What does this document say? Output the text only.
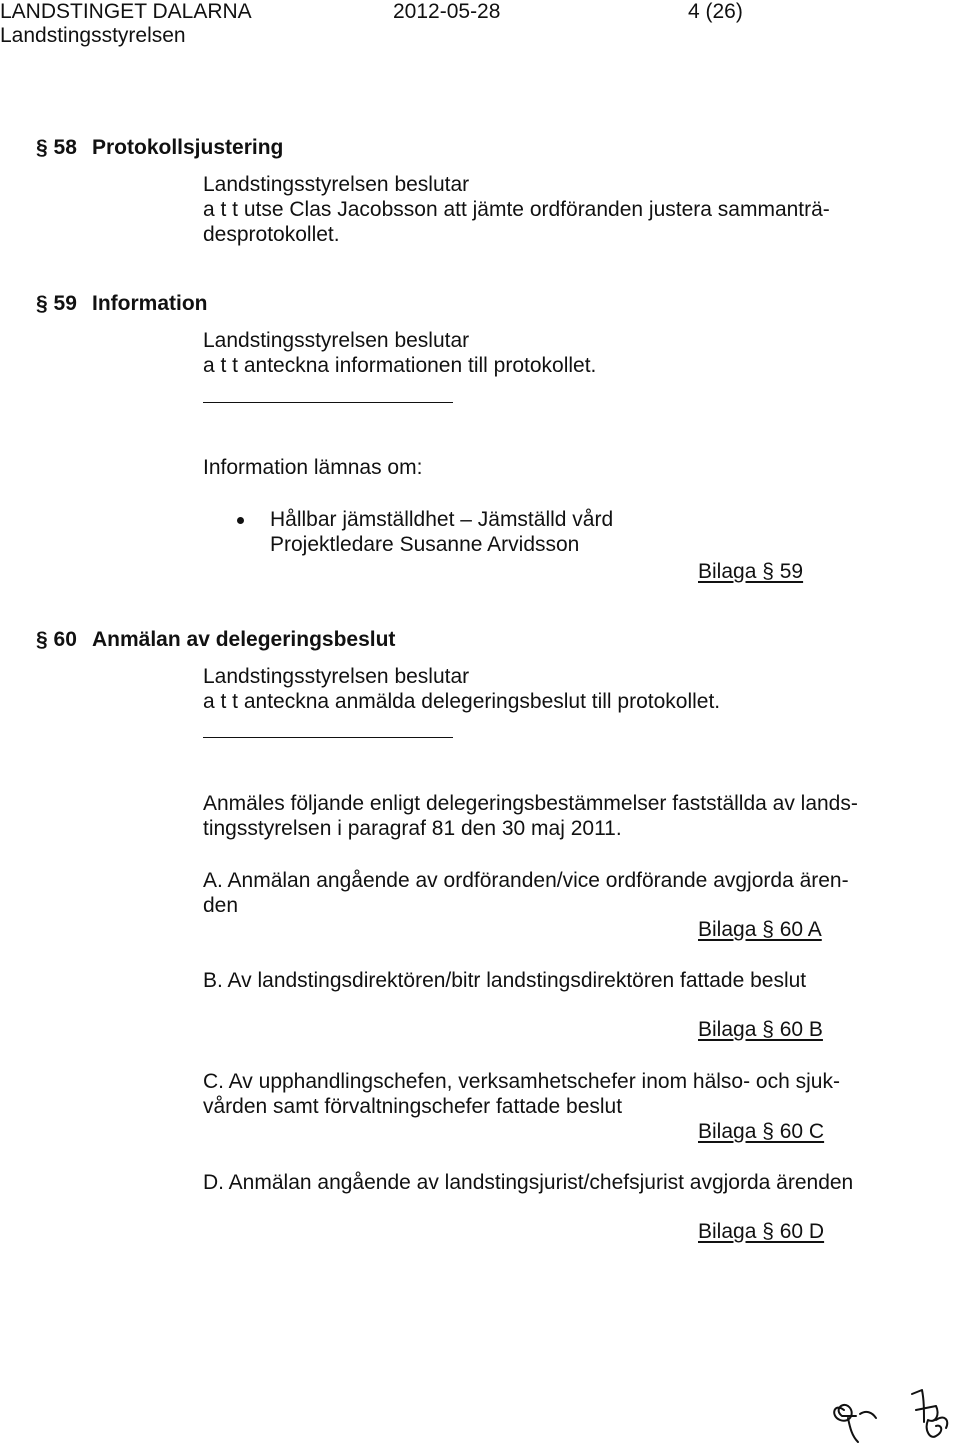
LANDSTINGET DALARNA	2012-05-28	4 (26)
Landstingsstyrelsen
§ 58 Protokollsjustering
Landstingsstyrelsen beslutar
a t t utse Clas Jacobsson att jämte ordföranden justera sammanträ-
desprotokollet.
§ 59 Information
Landstingsstyrelsen beslutar
a t t anteckna informationen till protokollet.
Information lämnas om:
Hållbar jämställdhet – Jämställd vård
Projektledare Susanne Arvidsson
Bilaga § 59
§ 60 Anmälan av delegeringsbeslut
Landstingsstyrelsen beslutar
a t t anteckna anmälda delegeringsbeslut till protokollet.
Anmäles följande enligt delegeringsbestämmelser fastställda av lands-
tingsstyrelsen i paragraf 81 den 30 maj 2011.
A. Anmälan angående av ordföranden/vice ordförande avgjorda ären-
den
Bilaga § 60 A
B. Av landstingsdirektören/bitr landstingsdirektören fattade beslut
Bilaga § 60 B
C. Av upphandlingschefen, verksamhetschefer inom hälso- och sjuk-
vården samt förvaltningschefer fattade beslut
Bilaga § 60 C
D. Anmälan angående av landstingsjurist/chefsjurist avgjorda ärenden
Bilaga § 60 D
